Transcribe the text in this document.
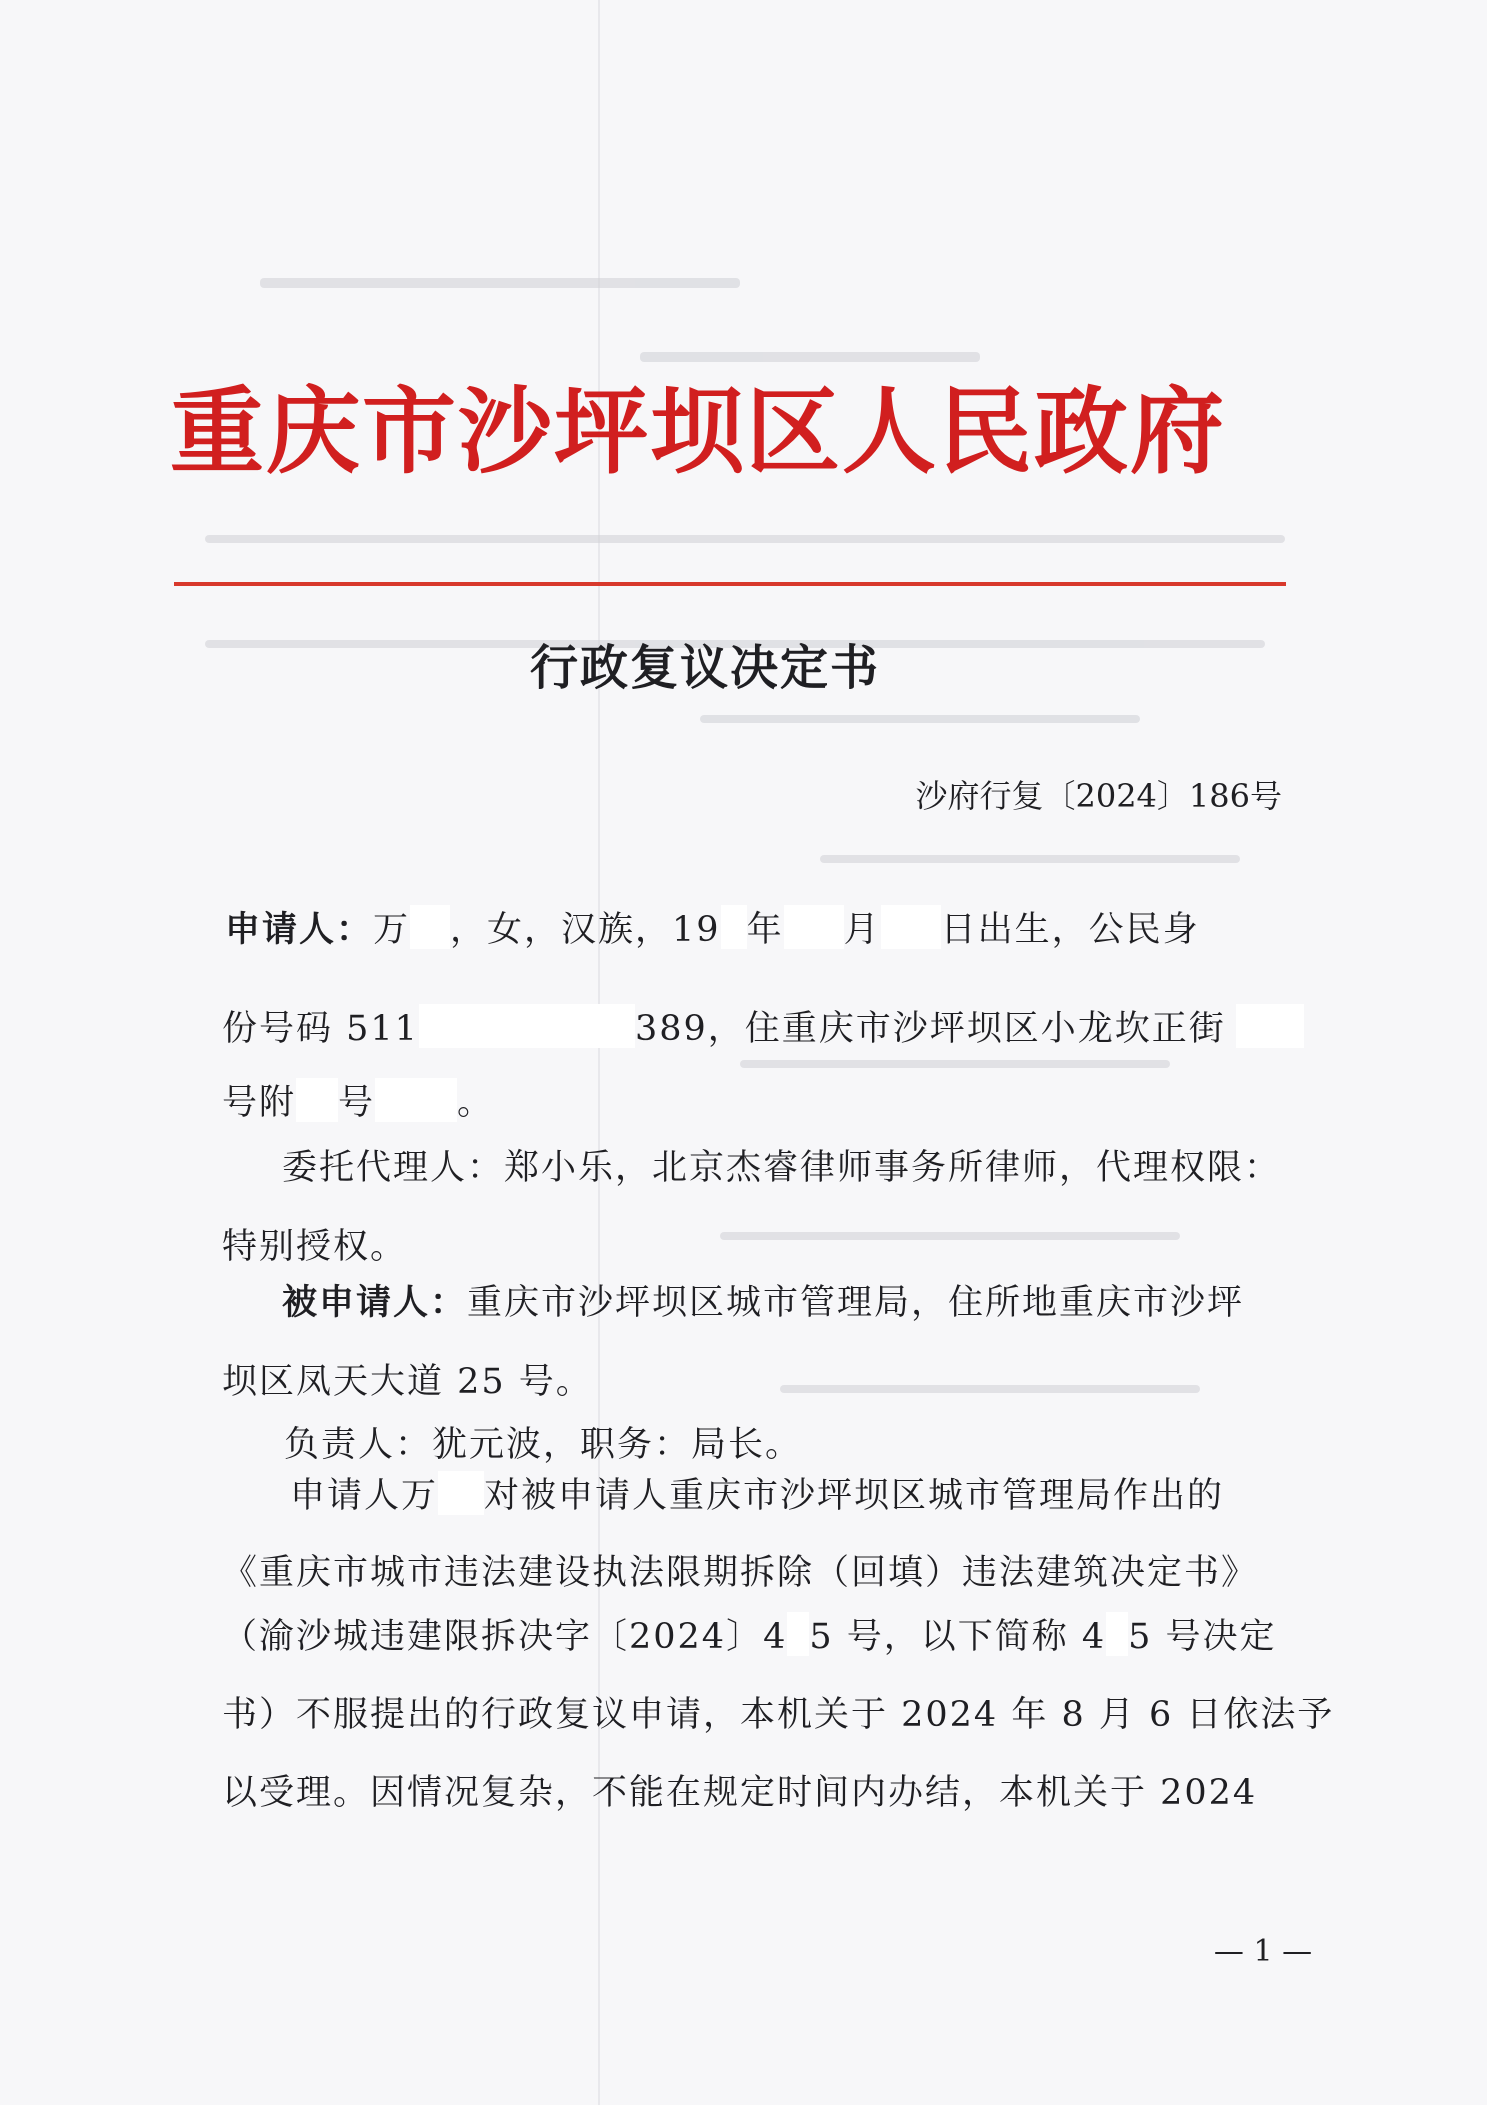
重庆市沙坪坝区人民政府
行政复议决定书
沙府行复〔2024〕186号
申请人：万 ，女，汉族，19 年 月 日出生，公民身
份号码 511	389，住重庆市沙坪坝区小龙坎正街
号附 号 。
委托代理人：郑小乐，北京杰睿律师事务所律师，代理权限：
特别授权。
被申请人：重庆市沙坪坝区城市管理局，住所地重庆市沙坪
坝区凤天大道 25 号。
负责人：犹元波，职务：局长。
申请人万 对被申请人重庆市沙坪坝区城市管理局作出的
《重庆市城市违法建设执法限期拆除（回填）违法建筑决定书》
（渝沙城违建限拆决字〔2024〕4 5 号，以下简称 4 5 号决定
书）不服提出的行政复议申请，本机关于 2024 年 8 月 6 日依法予
以受理。因情况复杂，不能在规定时间内办结，本机关于 2024
— 1 —
